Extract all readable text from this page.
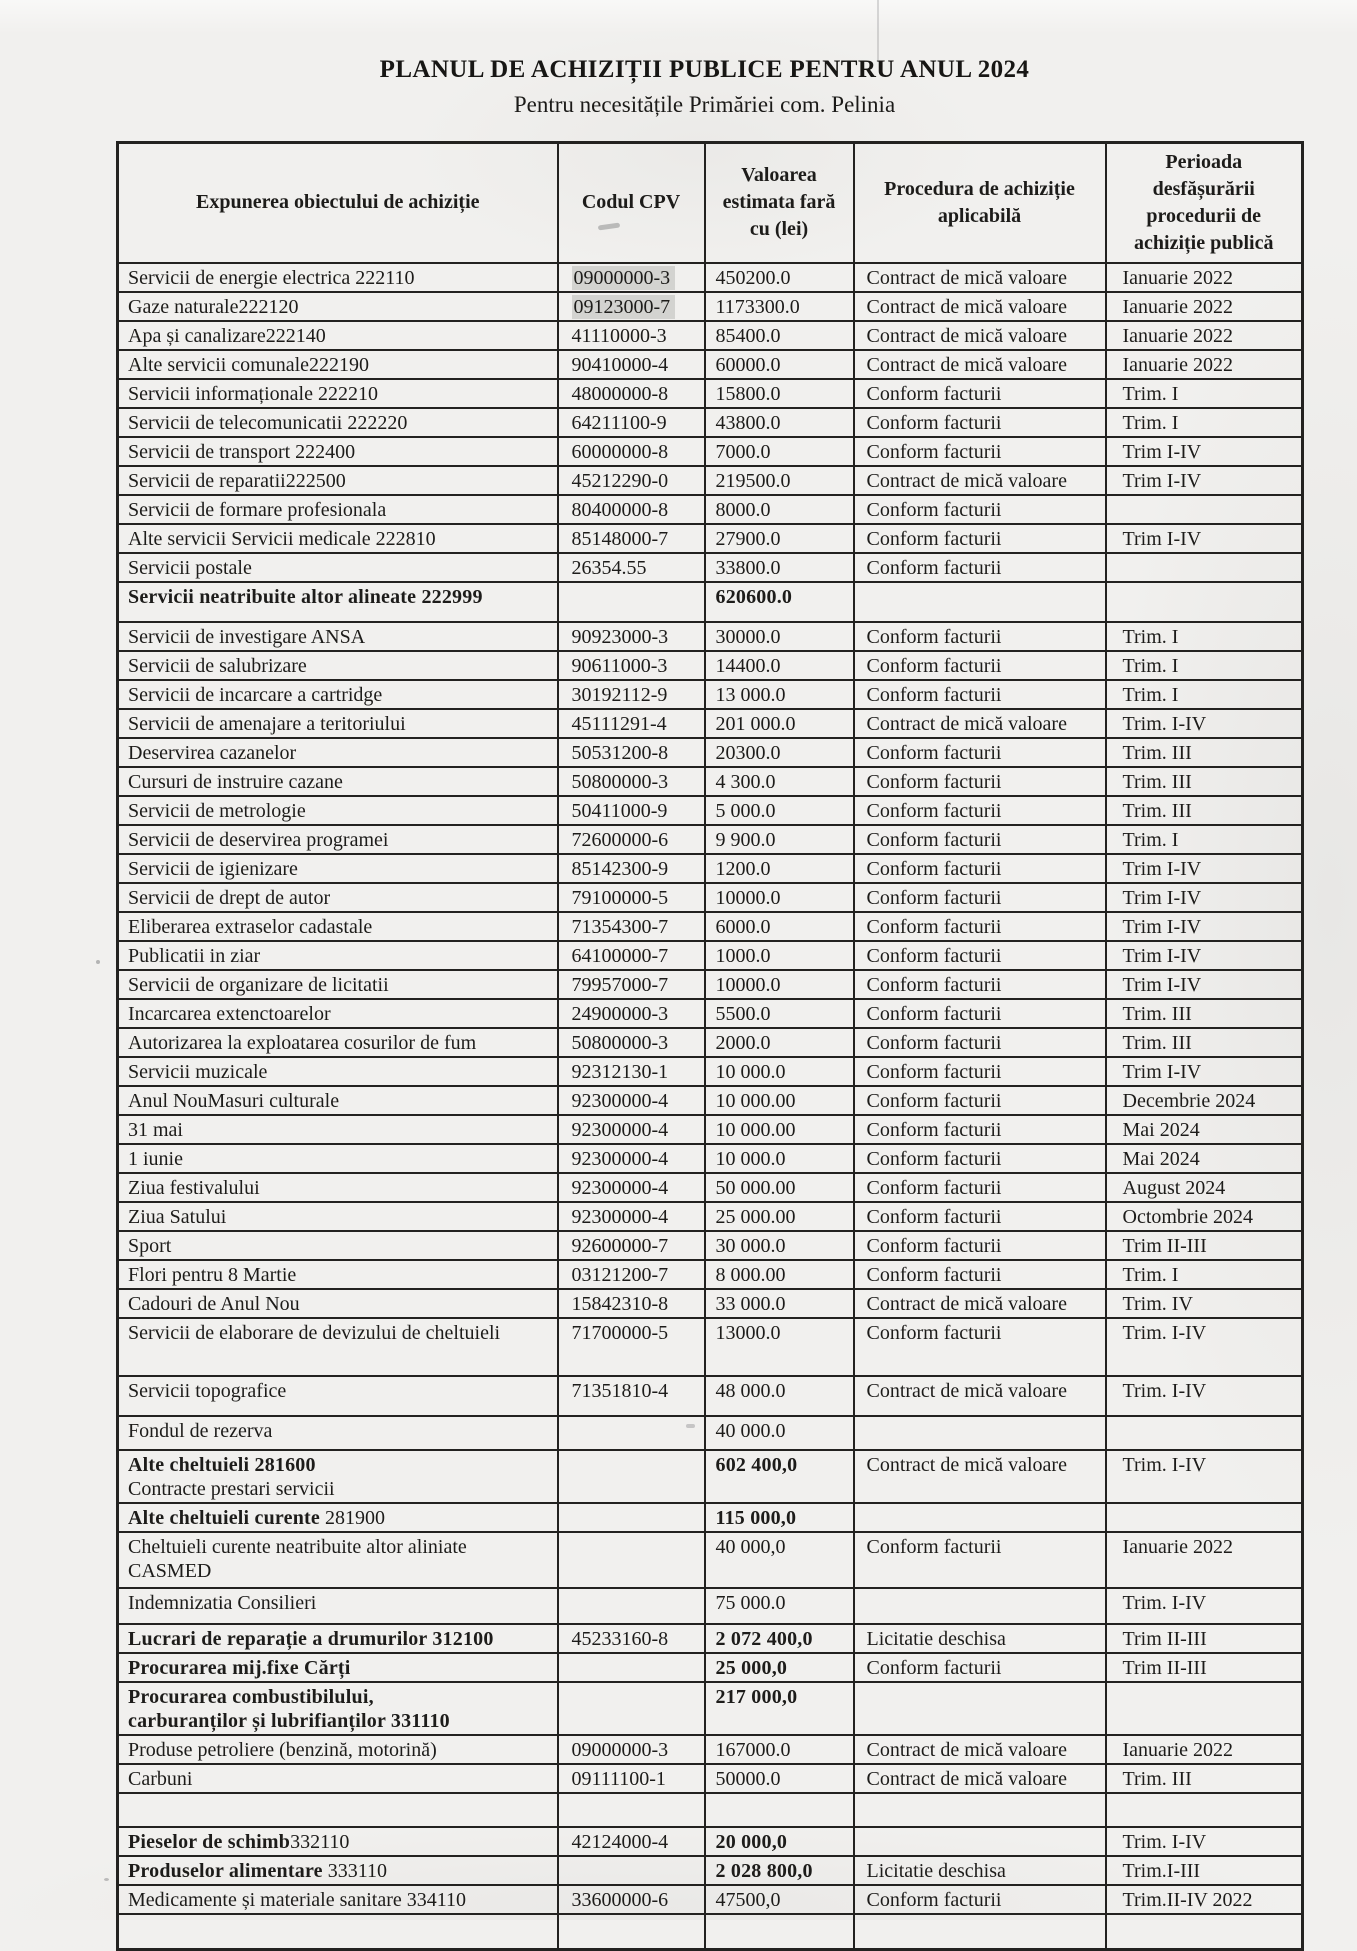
PLANUL DE ACHIZIȚII PUBLICE PENTRU ANUL 2024
Pentru necesitățile Primăriei com. Pelinia
Expunerea obiectului de achiziție	Codul CPV	Valoarea estimata fară cu (lei)	Procedura de achiziție aplicabilă	Perioada desfășurării procedurii de achiziție publică
Servicii de energie electrica 222110	09000000-3	450200.0	Contract de mică valoare	Ianuarie 2022
Gaze naturale222120	09123000-7	1173300.0	Contract de mică valoare	Ianuarie 2022
Apa și canalizare222140	41110000-3	85400.0	Contract de mică valoare	Ianuarie 2022
Alte servicii comunale222190	90410000-4	60000.0	Contract de mică valoare	Ianuarie 2022
Servicii informaționale 222210	48000000-8	15800.0	Conform facturii	Trim. I
Servicii de telecomunicatii 222220	64211100-9	43800.0	Conform facturii	Trim. I
Servicii de transport 222400	60000000-8	7000.0	Conform facturii	Trim I-IV
Servicii de reparatii222500	45212290-0	219500.0	Contract de mică valoare	Trim I-IV
Servicii de formare profesionala	80400000-8	8000.0	Conform facturii	
Alte servicii Servicii medicale 222810	85148000-7	27900.0	Conform facturii	Trim I-IV
Servicii postale	26354.55	33800.0	Conform facturii	
Servicii neatribuite altor alineate 222999		620600.0		
Servicii de investigare ANSA	90923000-3	30000.0	Conform facturii	Trim. I
Servicii de salubrizare	90611000-3	14400.0	Conform facturii	Trim. I
Servicii de incarcare a cartridge	30192112-9	13 000.0	Conform facturii	Trim. I
Servicii de amenajare a teritoriului	45111291-4	201 000.0	Contract de mică valoare	Trim. I-IV
Deservirea cazanelor	50531200-8	20300.0	Conform facturii	Trim. III
Cursuri de instruire cazane	50800000-3	4 300.0	Conform facturii	Trim. III
Servicii de metrologie	50411000-9	5 000.0	Conform facturii	Trim. III
Servicii de deservirea programei	72600000-6	9 900.0	Conform facturii	Trim. I
Servicii de igienizare	85142300-9	1200.0	Conform facturii	Trim I-IV
Servicii de drept de autor	79100000-5	10000.0	Conform facturii	Trim I-IV
Eliberarea extraselor cadastale	71354300-7	6000.0	Conform facturii	Trim I-IV
Publicatii in ziar	64100000-7	1000.0	Conform facturii	Trim I-IV
Servicii de organizare de licitatii	79957000-7	10000.0	Conform facturii	Trim I-IV
Incarcarea extenctoarelor	24900000-3	5500.0	Conform facturii	Trim. III
Autorizarea la exploatarea cosurilor de fum	50800000-3	2000.0	Conform facturii	Trim. III
Servicii muzicale	92312130-1	10 000.0	Conform facturii	Trim I-IV
Anul NouMasuri culturale	92300000-4	10 000.00	Conform facturii	Decembrie 2024
31 mai	92300000-4	10 000.00	Conform facturii	Mai 2024
1 iunie	92300000-4	10 000.0	Conform facturii	Mai 2024
Ziua festivalului	92300000-4	50 000.00	Conform facturii	August 2024
Ziua Satului	92300000-4	25 000.00	Conform facturii	Octombrie 2024
Sport	92600000-7	30 000.0	Conform facturii	Trim II-III
Flori pentru 8 Martie	03121200-7	8 000.00	Conform facturii	Trim. I
Cadouri de Anul Nou	15842310-8	33 000.0	Contract de mică valoare	Trim. IV
Servicii de elaborare de devizului de cheltuieli	71700000-5	13000.0	Conform facturii	Trim. I-IV
Servicii topografice	71351810-4	48 000.0	Contract de mică valoare	Trim. I-IV
Fondul de rezerva		40 000.0		
Alte cheltuieli 281600
Contracte prestari servicii		602 400,0	Contract de mică valoare	Trim. I-IV
Alte cheltuieli curente 281900		115 000,0		
Cheltuieli curente neatribuite altor aliniate
CASMED		40 000,0	Conform facturii	Ianuarie 2022
Indemnizatia Consilieri		75 000.0		Trim. I-IV
Lucrari de reparație a drumurilor 312100	45233160-8	2 072 400,0	Licitatie deschisa	Trim II-III
Procurarea mij.fixe Cărți		25 000,0	Conform facturii	Trim II-III
Procurarea combustibilului,
carburanților și lubrifianților 331110		217 000,0		
Produse petroliere (benzină, motorină)	09000000-3	167000.0	Contract de mică valoare	Ianuarie 2022
Carbuni	09111100-1	50000.0	Contract de mică valoare	Trim. III

Pieselor de schimb332110	42124000-4	20 000,0		Trim. I-IV
Produselor alimentare 333110		2 028 800,0	Licitatie deschisa	Trim.I-III
Medicamente și materiale sanitare 334110	33600000-6	47500,0	Conform facturii	Trim.II-IV 2022
